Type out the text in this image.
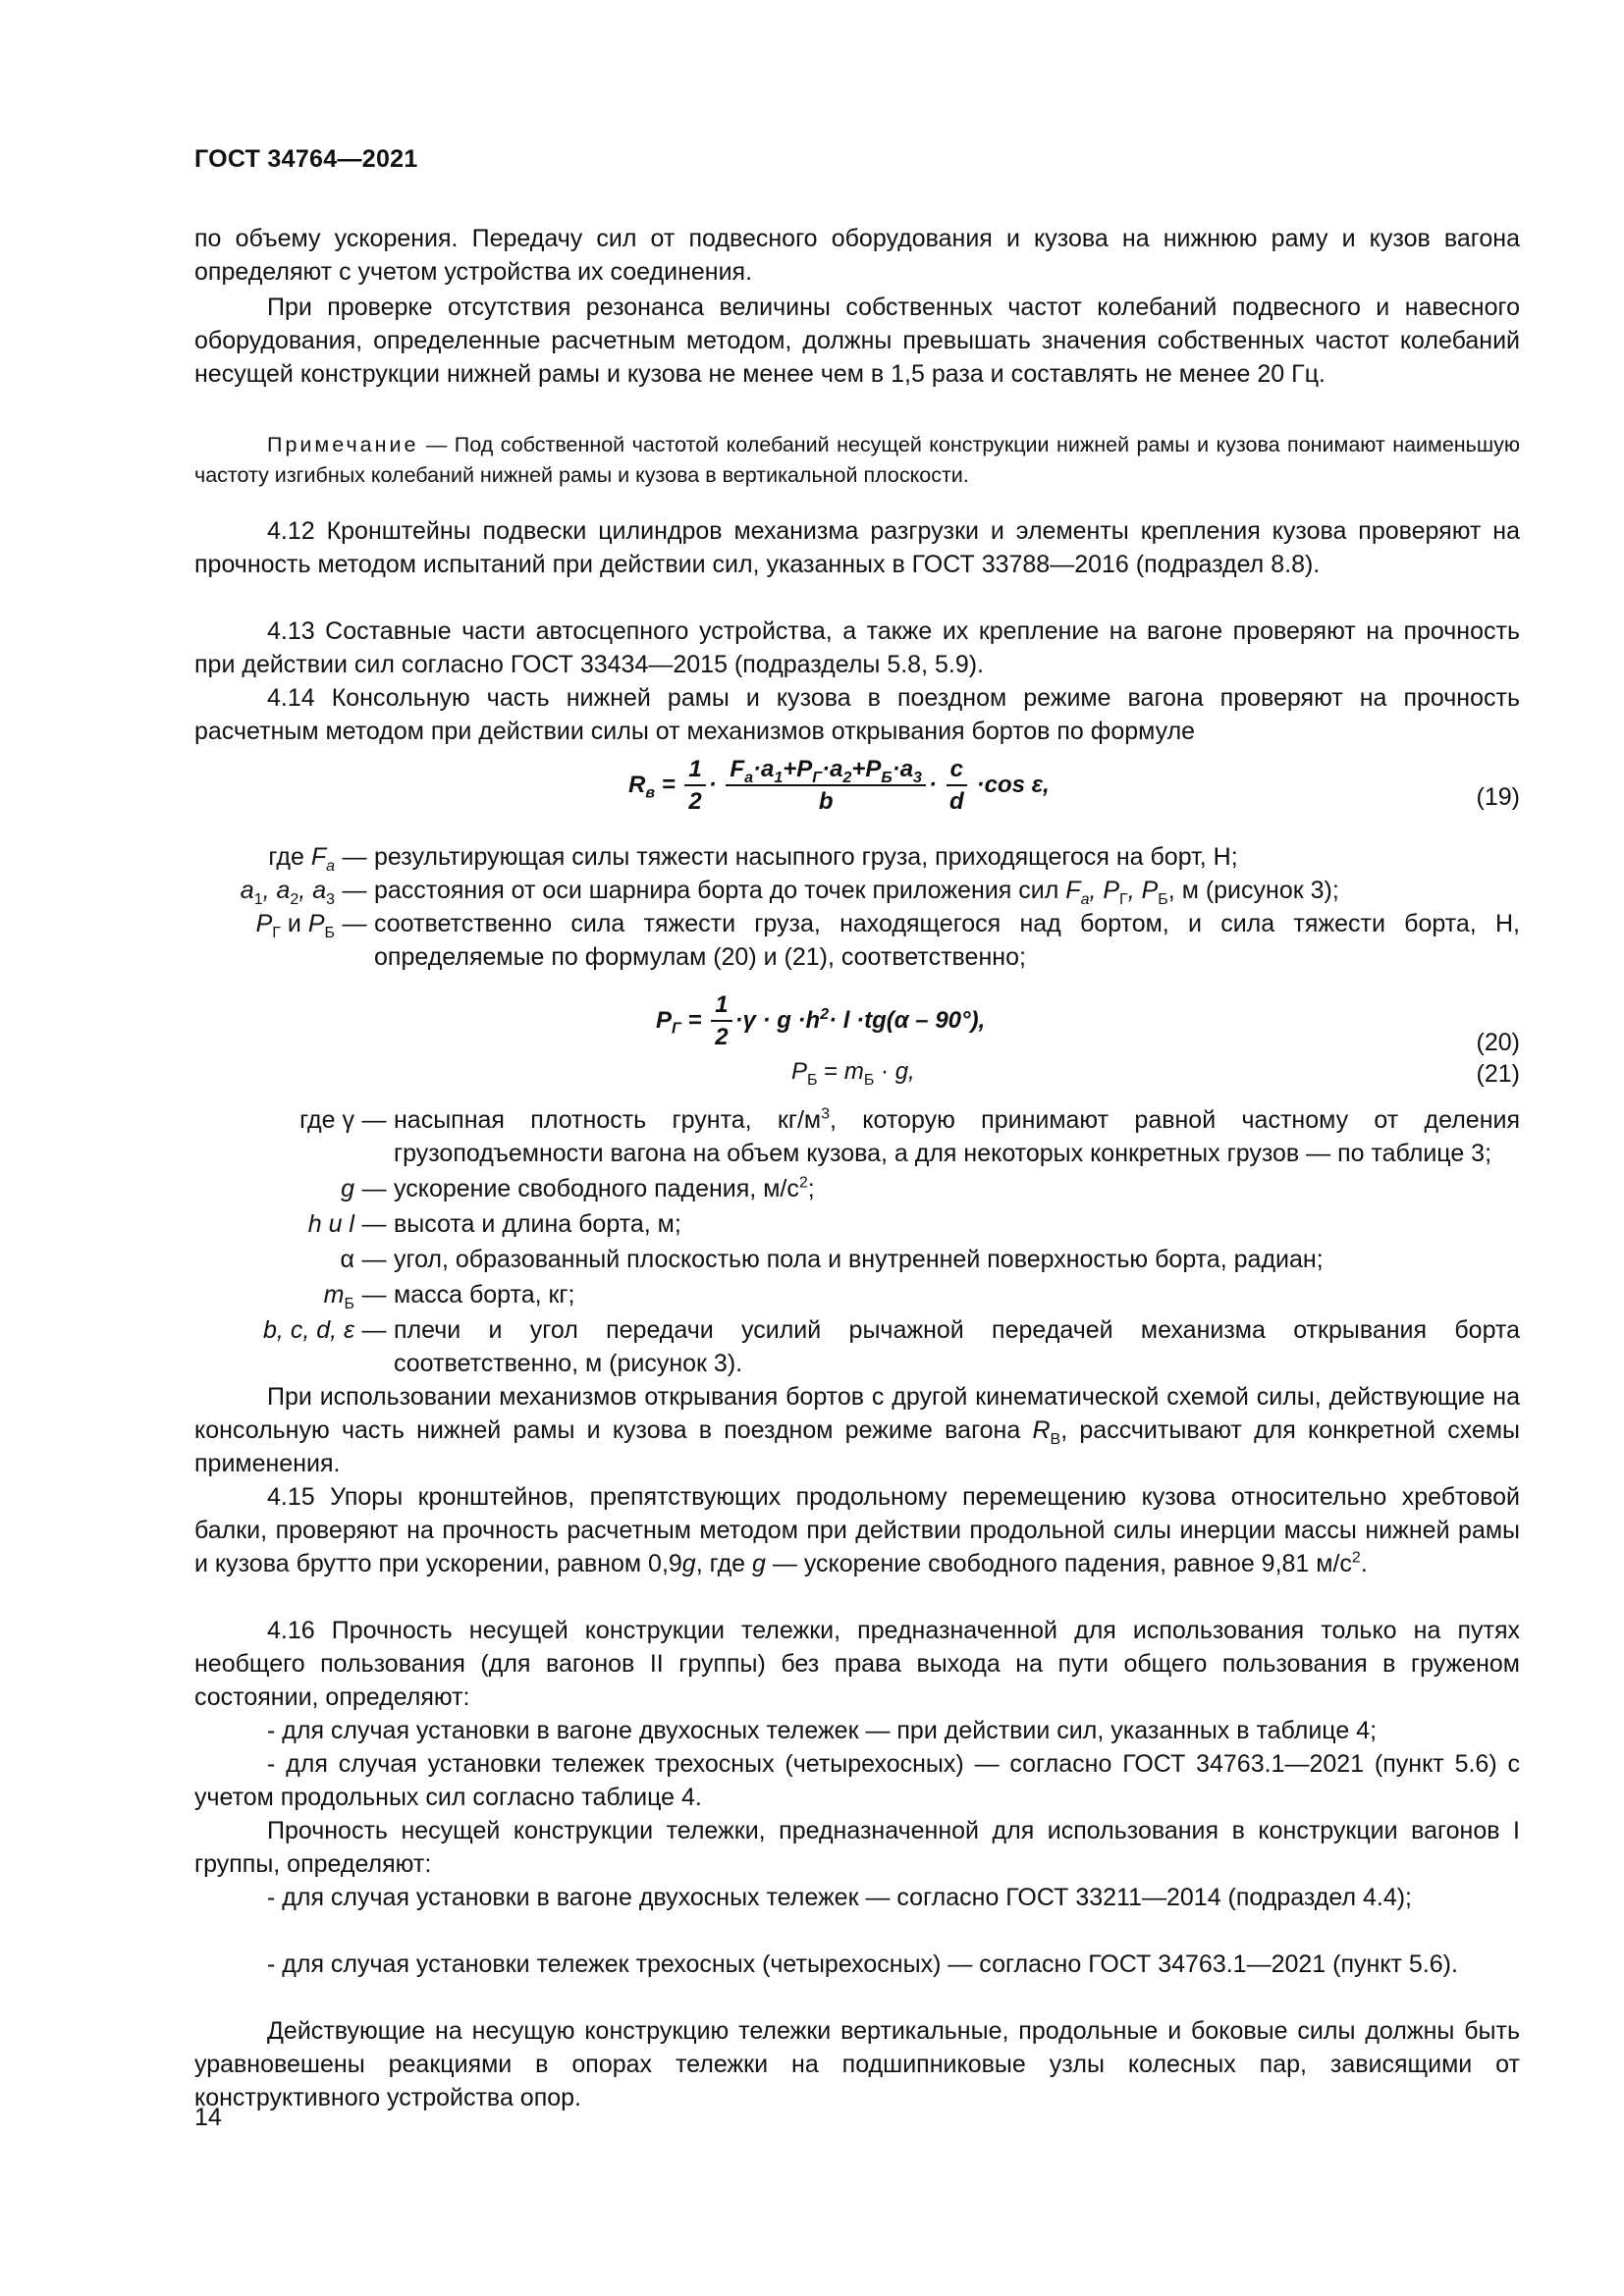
ГОСТ 34764—2021
по объему ускорения. Передачу сил от подвесного оборудования и кузова на нижнюю раму и кузов вагона определяют с учетом устройства их соединения.
При проверке отсутствия резонанса величины собственных частот колебаний подвесного и навесного оборудования, определенные расчетным методом, должны превышать значения собственных частот колебаний несущей конструкции нижней рамы и кузова не менее чем в 1,5 раза и составлять не менее 20 Гц.
Примечание — Под собственной частотой колебаний несущей конструкции нижней рамы и кузова понимают наименьшую частоту изгибных колебаний нижней рамы и кузова в вертикальной плоскости.
4.12 Кронштейны подвески цилиндров механизма разгрузки и элементы крепления кузова проверяют на прочность методом испытаний при действии сил, указанных в ГОСТ 33788—2016 (подраздел 8.8).
4.13 Составные части автосцепного устройства, а также их крепление на вагоне проверяют на прочность при действии сил согласно ГОСТ 33434—2015 (подразделы 5.8, 5.9).
4.14 Консольную часть нижней рамы и кузова в поездном режиме вагона проверяют на прочность расчетным методом при действии силы от механизмов открывания бортов по формуле
$R_в = \frac{1}{2} \cdot \frac{F_a\cdot a_1+P_Г\cdot a_2+P_Б\cdot a_3}{b} \cdot \frac{c}{d} \cdot\cos$ ε,	(19)
где $F_a$ — результирующая силы тяжести насыпного груза, приходящегося на борт, Н;
$a_1$, $a_2$, $a_3$ — расстояния от оси шарнира борта до точек приложения сил $F_a$, $P_Г$, $P_Б$, м (рисунок 3);
$P_Г$ и $P_Б$ — соответственно сила тяжести груза, находящегося над бортом, и сила тяжести борта, Н, определяемые по формулам (20) и (21), соответственно;
$P_Г = \frac{1}{2} \cdot\gamma \cdot g \cdot h^2\cdot l \cdot tg(\alpha - 90^\circ)$,
(20)
$P_Б = m_Б \cdot g$,	(21)
где γ — насыпная плотность грунта, $кг/м^3$, которую принимают равной частному от деления грузоподъемности вагона на объем кузова, а для некоторых конкретных грузов — по таблице 3;
g — ускорение свободного падения, $м/с^2$;
h и l — высота и длина борта, м;
α — угол, образованный плоскостью пола и внутренней поверхностью борта, радиан;
$m_Б$ — масса борта, кг;
b, c, d, ε — плечи и угол передачи усилий рычажной передачей механизма открывания борта соответственно, м (рисунок 3).
При использовании механизмов открывания бортов с другой кинематической схемой силы, действующие на консольную часть нижней рамы и кузова в поездном режиме вагона $R_В$, рассчитывают для конкретной схемы применения.
4.15 Упоры кронштейнов, препятствующих продольному перемещению кузова относительно хребтовой балки, проверяют на прочность расчетным методом при действии продольной силы инерции массы нижней рамы и кузова брутто при ускорении, равном 0,9g, где g — ускорение свободного падения, равное 9,81 $м/с^2$.
4.16 Прочность несущей конструкции тележки, предназначенной для использования только на путях необщего пользования (для вагонов II группы) без права выхода на пути общего пользования в груженом состоянии, определяют:
- для случая установки в вагоне двухосных тележек — при действии сил, указанных в таблице 4;
- для случая установки тележек трехосных (четырехосных) — согласно ГОСТ 34763.1—2021 (пункт 5.6) с учетом продольных сил согласно таблице 4.
Прочность несущей конструкции тележки, предназначенной для использования в конструкции вагонов I группы, определяют:
- для случая установки в вагоне двухосных тележек — согласно ГОСТ 33211—2014 (подраздел 4.4);
- для случая установки тележек трехосных (четырехосных) — согласно ГОСТ 34763.1—2021 (пункт 5.6).
Действующие на несущую конструкцию тележки вертикальные, продольные и боковые силы должны быть уравновешены реакциями в опорах тележки на подшипниковые узлы колесных пар, зависящими от конструктивного устройства опор.
14
